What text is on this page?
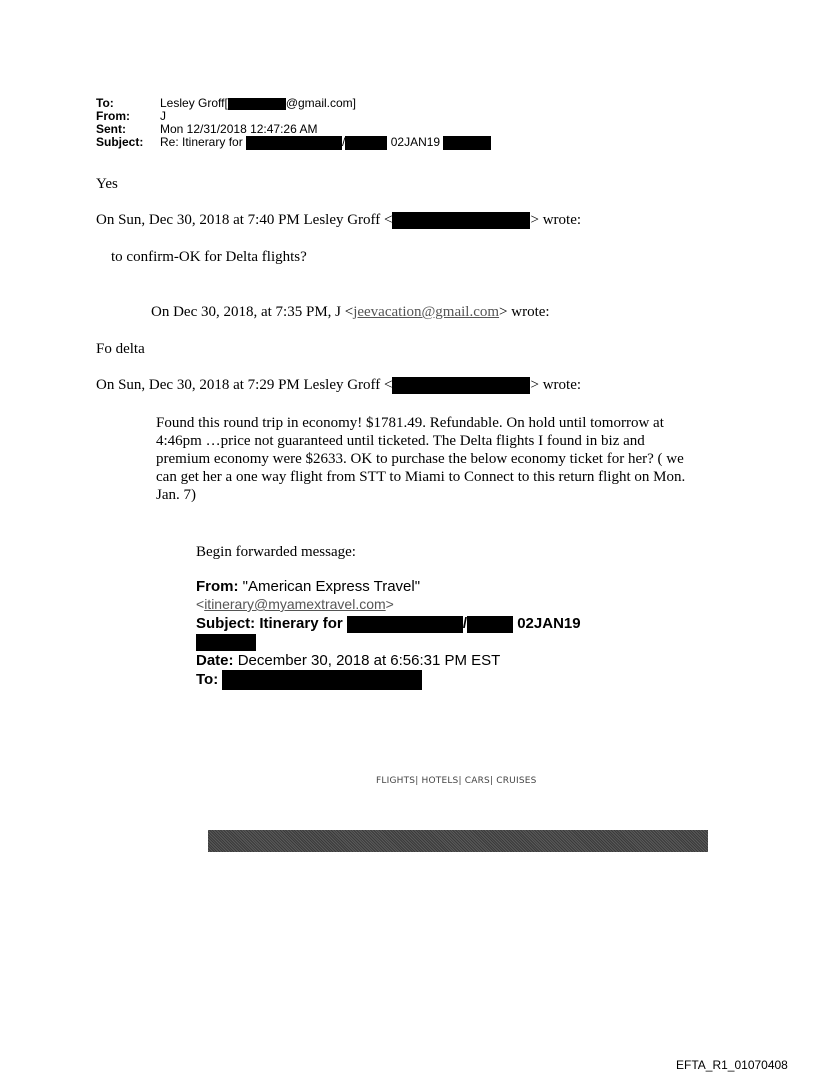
To:	Lesley Groff[	@gmail.com]
From:	J
Sent:	Mon 12/31/2018 12:47:26 AM
Subject: Re: Itinerary for	/	02JAN19
Yes
On Sun, Dec 30, 2018 at 7:40 PM Lesley Groff <	> wrote:
to confirm-OK for Delta flights?
On Dec 30, 2018, at 7:35 PM, J <jeevacation@gmail.com> wrote:
Fo delta
On Sun, Dec 30, 2018 at 7:29 PM Lesley Groff <	> wrote:
Found this round trip in economy! $1781.49. Refundable. On hold until tomorrow at 4:46pm …price not guaranteed until ticketed. The Delta flights I found in biz and premium economy were $2633. OK to purchase the below economy ticket for her? ( we can get her a one way flight from STT to Miami to Connect to this return flight on Mon. Jan. 7)
Begin forwarded message:
From: "American Express Travel"
<itinerary@myamextravel.com>
Subject: Itinerary for	/	02JAN19
Date: December 30, 2018 at 6:56:31 PM EST
To:
FLIGHTS| HOTELS| CARS| CRUISES
EFTA_R1_01070408
